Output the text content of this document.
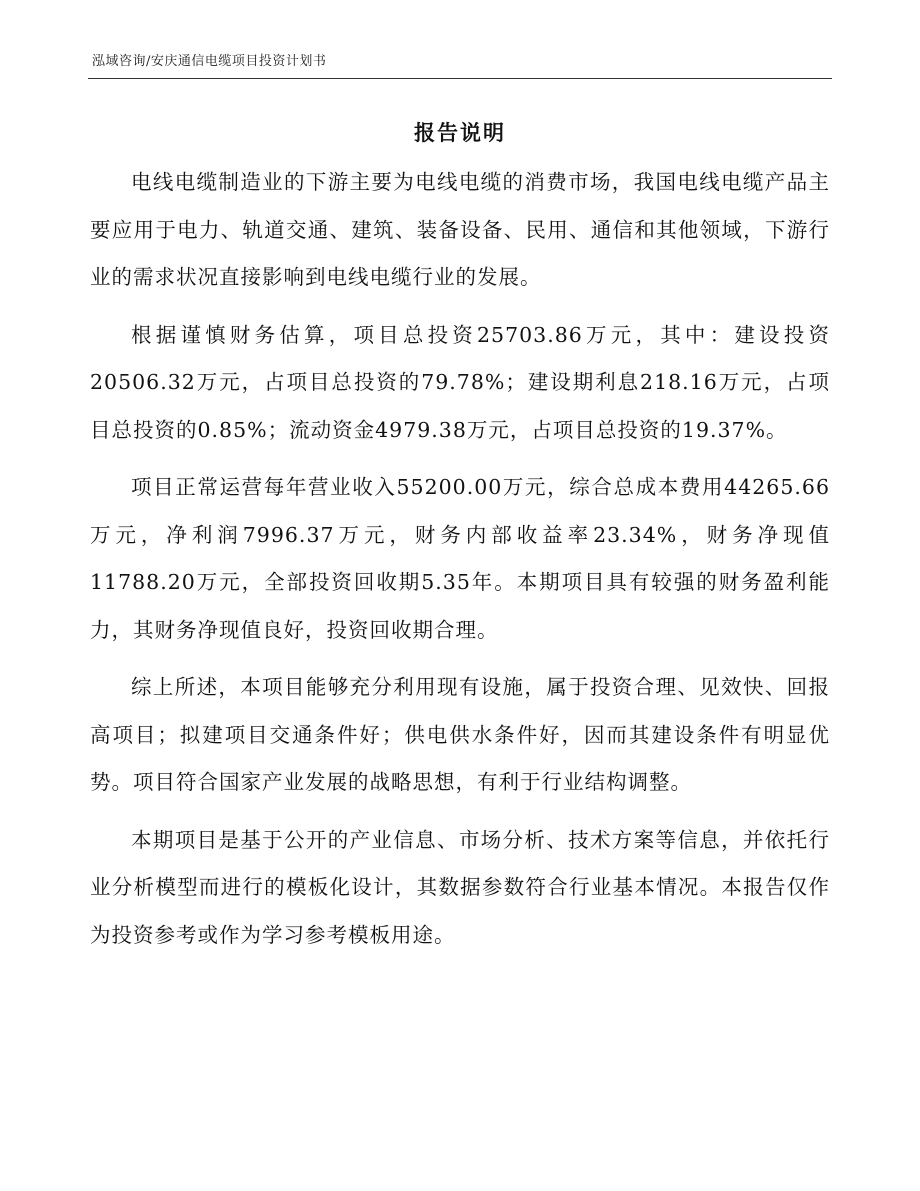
泓域咨询/安庆通信电缆项目投资计划书
报告说明

电线电缆制造业的下游主要为电线电缆的消费市场，我国电线电缆产品主要应用于电力、轨道交通、建筑、装备设备、民用、通信和其他领域，下游行业的需求状况直接影响到电线电缆行业的发展。

根据谨慎财务估算，项目总投资25703.86万元，其中：建设投资20506.32万元，占项目总投资的79.78%；建设期利息218.16万元，占项目总投资的0.85%；流动资金4979.38万元，占项目总投资的19.37%。

项目正常运营每年营业收入55200.00万元，综合总成本费用44265.66万元，净利润7996.37万元，财务内部收益率23.34%，财务净现值11788.20万元，全部投资回收期5.35年。本期项目具有较强的财务盈利能力，其财务净现值良好，投资回收期合理。

综上所述，本项目能够充分利用现有设施，属于投资合理、见效快、回报高项目；拟建项目交通条件好；供电供水条件好，因而其建设条件有明显优势。项目符合国家产业发展的战略思想，有利于行业结构调整。

本期项目是基于公开的产业信息、市场分析、技术方案等信息，并依托行业分析模型而进行的模板化设计，其数据参数符合行业基本情况。本报告仅作为投资参考或作为学习参考模板用途。
